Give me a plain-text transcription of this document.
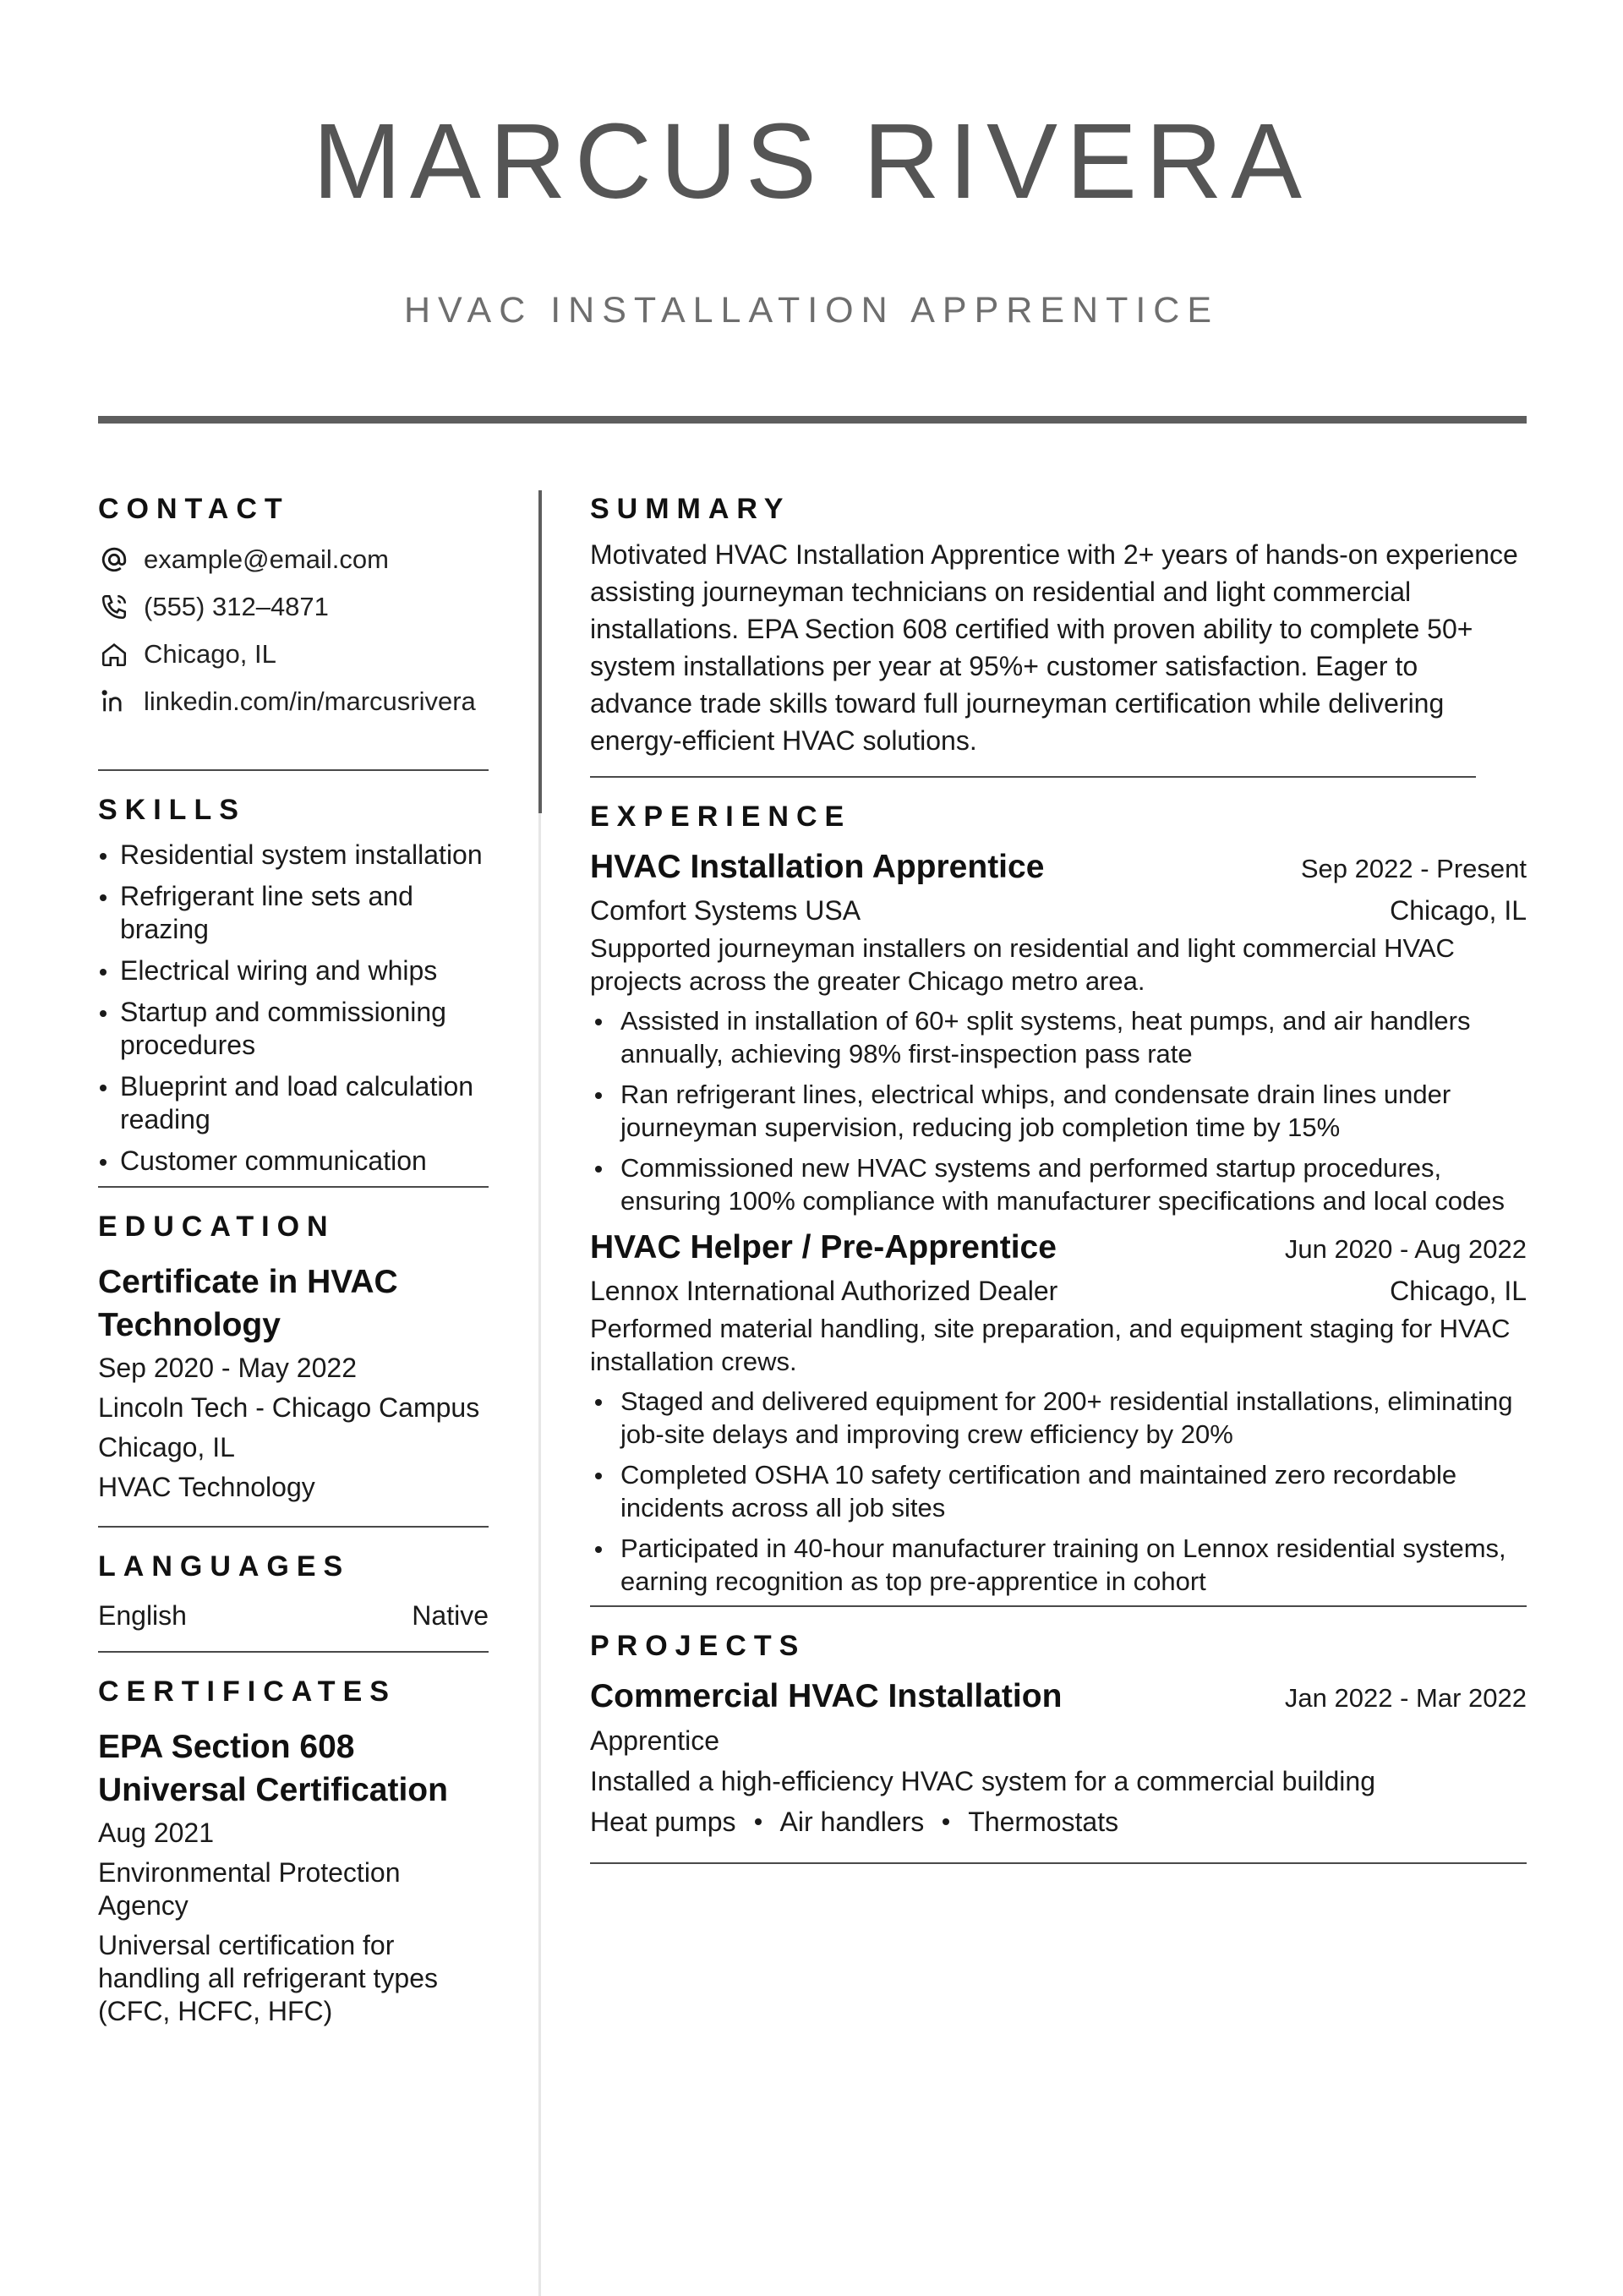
MARCUS RIVERA
HVAC INSTALLATION APPRENTICE
CONTACT
example@email.com
(555) 312–4871
Chicago, IL
linkedin.com/in/marcusrivera
SKILLS
Residential system installation
Refrigerant line sets and brazing
Electrical wiring and whips
Startup and commissioning procedures
Blueprint and load calculation reading
Customer communication
EDUCATION
Certificate in HVAC Technology
Sep 2020 - May 2022
Lincoln Tech - Chicago Campus
Chicago, IL
HVAC Technology
LANGUAGES
English	Native
CERTIFICATES
EPA Section 608 Universal Certification
Aug 2021
Environmental Protection Agency
Universal certification for handling all refrigerant types (CFC, HCFC, HFC)
SUMMARY
Motivated HVAC Installation Apprentice with 2+ years of hands-on experience assisting journeyman technicians on residential and light commercial installations. EPA Section 608 certified with proven ability to complete 50+ system installations per year at 95%+ customer satisfaction. Eager to advance trade skills toward full journeyman certification while delivering energy-efficient HVAC solutions.
EXPERIENCE
HVAC Installation Apprentice	Sep 2022 - Present
Comfort Systems USA	Chicago, IL
Supported journeyman installers on residential and light commercial HVAC projects across the greater Chicago metro area.
Assisted in installation of 60+ split systems, heat pumps, and air handlers annually, achieving 98% first-inspection pass rate
Ran refrigerant lines, electrical whips, and condensate drain lines under journeyman supervision, reducing job completion time by 15%
Commissioned new HVAC systems and performed startup procedures, ensuring 100% compliance with manufacturer specifications and local codes
HVAC Helper / Pre-Apprentice	Jun 2020 - Aug 2022
Lennox International Authorized Dealer	Chicago, IL
Performed material handling, site preparation, and equipment staging for HVAC installation crews.
Staged and delivered equipment for 200+ residential installations, eliminating job-site delays and improving crew efficiency by 20%
Completed OSHA 10 safety certification and maintained zero recordable incidents across all job sites
Participated in 40-hour manufacturer training on Lennox residential systems, earning recognition as top pre-apprentice in cohort
PROJECTS
Commercial HVAC Installation	Jan 2022 - Mar 2022
Apprentice
Installed a high-efficiency HVAC system for a commercial building
Heat pumps Air handlers Thermostats
